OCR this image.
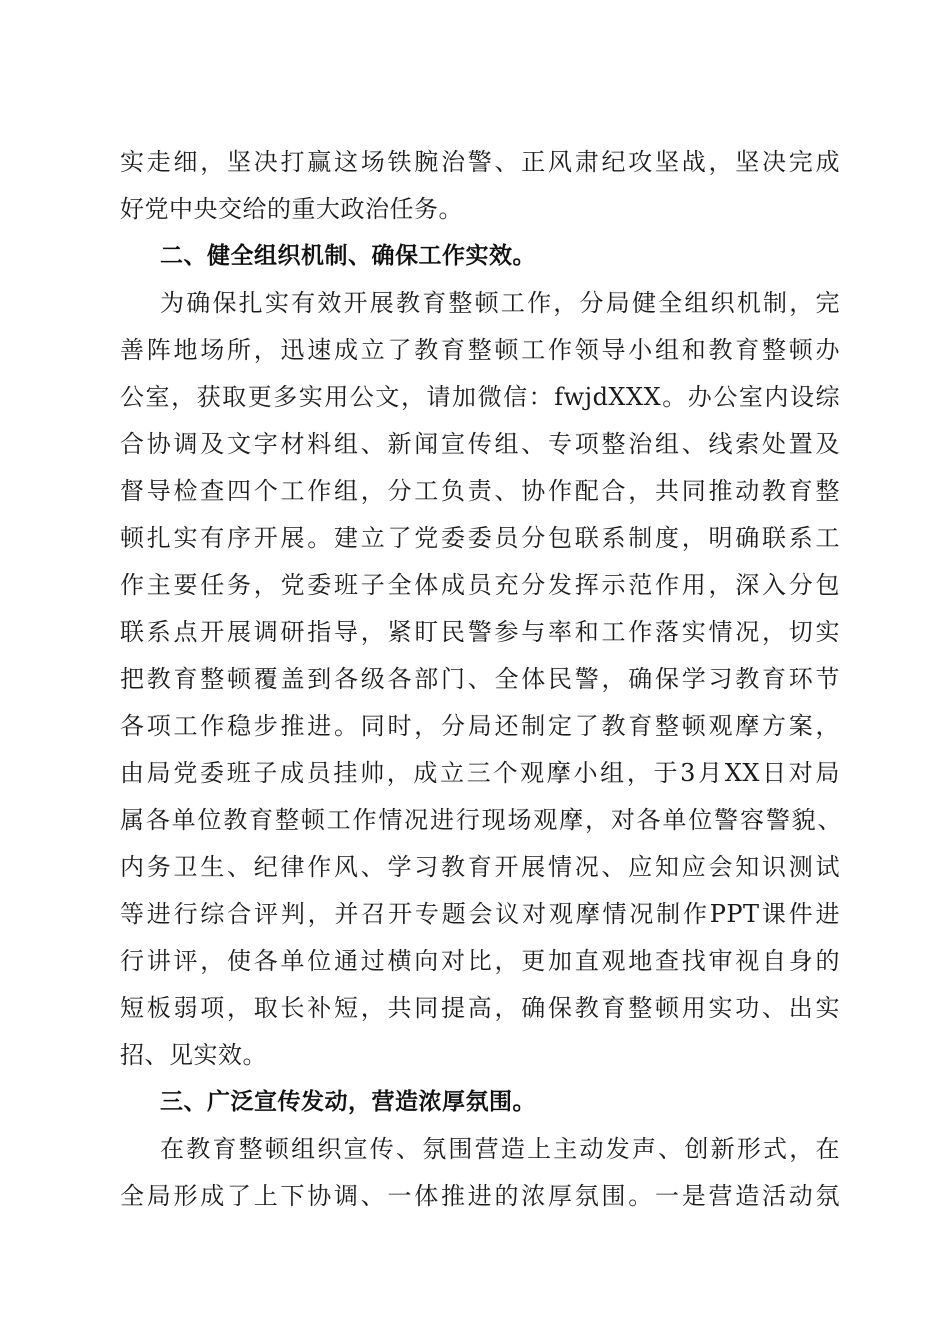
实走细，坚决打赢这场铁腕治警、正风肃纪攻坚战，坚决完成
好党中央交给的重大政治任务。
二、健全组织机制、确保工作实效。
为确保扎实有效开展教育整顿工作，分局健全组织机制，完
善阵地场所，迅速成立了教育整顿工作领导小组和教育整顿办
公室，获取更多实用公文，请加微信：fwjdXXX。办公室内设综
合协调及文字材料组、新闻宣传组、专项整治组、线索处置及
督导检查四个工作组，分工负责、协作配合，共同推动教育整
顿扎实有序开展。建立了党委委员分包联系制度，明确联系工
作主要任务，党委班子全体成员充分发挥示范作用，深入分包
联系点开展调研指导，紧盯民警参与率和工作落实情况，切实
把教育整顿覆盖到各级各部门、全体民警，确保学习教育环节
各项工作稳步推进。同时，分局还制定了教育整顿观摩方案，
由局党委班子成员挂帅，成立三个观摩小组，于3月XX日对局
属各单位教育整顿工作情况进行现场观摩，对各单位警容警貌、
内务卫生、纪律作风、学习教育开展情况、应知应会知识测试
等进行综合评判，并召开专题会议对观摩情况制作PPT课件进
行讲评，使各单位通过横向对比，更加直观地查找审视自身的
短板弱项，取长补短，共同提高，确保教育整顿用实功、出实
招、见实效。
三、广泛宣传发动，营造浓厚氛围。
在教育整顿组织宣传、氛围营造上主动发声、创新形式，在
全局形成了上下协调、一体推进的浓厚氛围。一是营造活动氛
